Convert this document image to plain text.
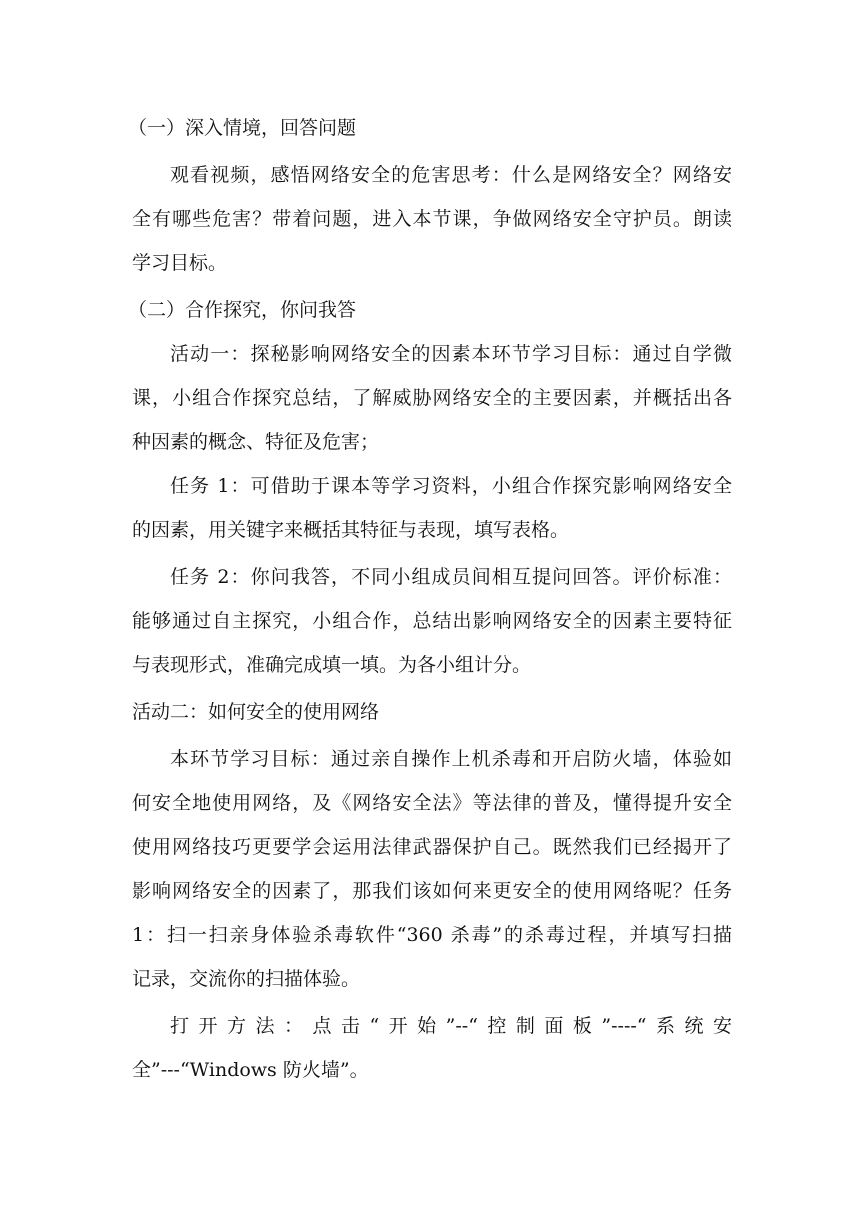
（一）深入情境，回答问题
观看视频，感悟网络安全的危害思考：什么是网络安全？网络安
全有哪些危害？带着问题，进入本节课，争做网络安全守护员。朗读
学习目标。
（二）合作探究，你问我答
活动一：探秘影响网络安全的因素本环节学习目标：通过自学微
课，小组合作探究总结，了解威胁网络安全的主要因素，并概括出各
种因素的概念、特征及危害；
任务 1：可借助于课本等学习资料，小组合作探究影响网络安全
的因素，用关键字来概括其特征与表现，填写表格。
任务 2：你问我答，不同小组成员间相互提问回答。评价标准：
能够通过自主探究，小组合作，总结出影响网络安全的因素主要特征
与表现形式，准确完成填一填。为各小组计分。
活动二：如何安全的使用网络
本环节学习目标：通过亲自操作上机杀毒和开启防火墙，体验如
何安全地使用网络，及《网络安全法》等法律的普及，懂得提升安全
使用网络技巧更要学会运用法律武器保护自己。既然我们已经揭开了
影响网络安全的因素了，那我们该如何来更安全的使用网络呢？任务
1：扫一扫亲身体验杀毒软件“360 杀毒”的杀毒过程，并填写扫描
记录，交流你的扫描体验。
打开方法：点击“开始”--“控制面板”----“系统安
全”---“Windows 防火墙”。
